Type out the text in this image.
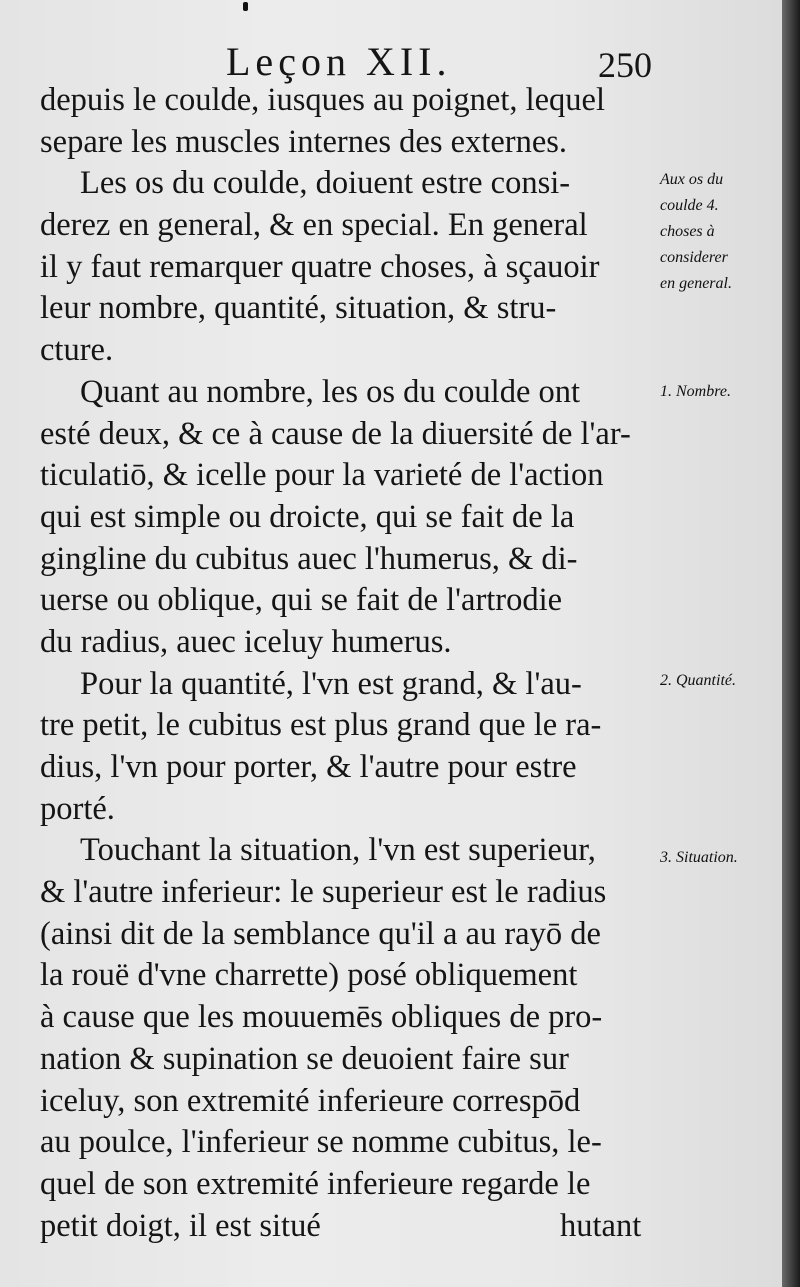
Leçon XII.	250
depuis le coulde, iusques au poignet, lequel
separe les muscles internes des externes.
Les os du coulde, doiuent estre consi-
derez en general, & en special. En general
il y faut remarquer quatre choses, à sçauoir
leur nombre, quantité, situation, & stru-
cture.
Quant au nombre, les os du coulde ont
esté deux, & ce à cause de la diuersité de l'ar-
ticulatiō, & icelle pour la varieté de l'action
qui est simple ou droicte, qui se fait de la
gingline du cubitus auec l'humerus, & di-
uerse ou oblique, qui se fait de l'artrodie
du radius, auec iceluy humerus.
Pour la quantité, l'vn est grand, & l'au-
tre petit, le cubitus est plus grand que le ra-
dius, l'vn pour porter, & l'autre pour estre
porté.
Touchant la situation, l'vn est superieur,
& l'autre inferieur: le superieur est le radius
(ainsi dit de la semblance qu'il a au rayō de
la rouë d'vne charrette) posé obliquement
à cause que les mouuemēs obliques de pro-
nation & supination se deuoient faire sur
iceluy, son extremité inferieure correspōd
au poulce, l'inferieur se nomme cubitus, le-
quel de son extremité inferieure regarde le
petit doigt, il est situé	hutant
Aux os du
coulde 4.
choses à
considerer
en general.
1. Nombre.
2. Quantité.
3. Situation.
